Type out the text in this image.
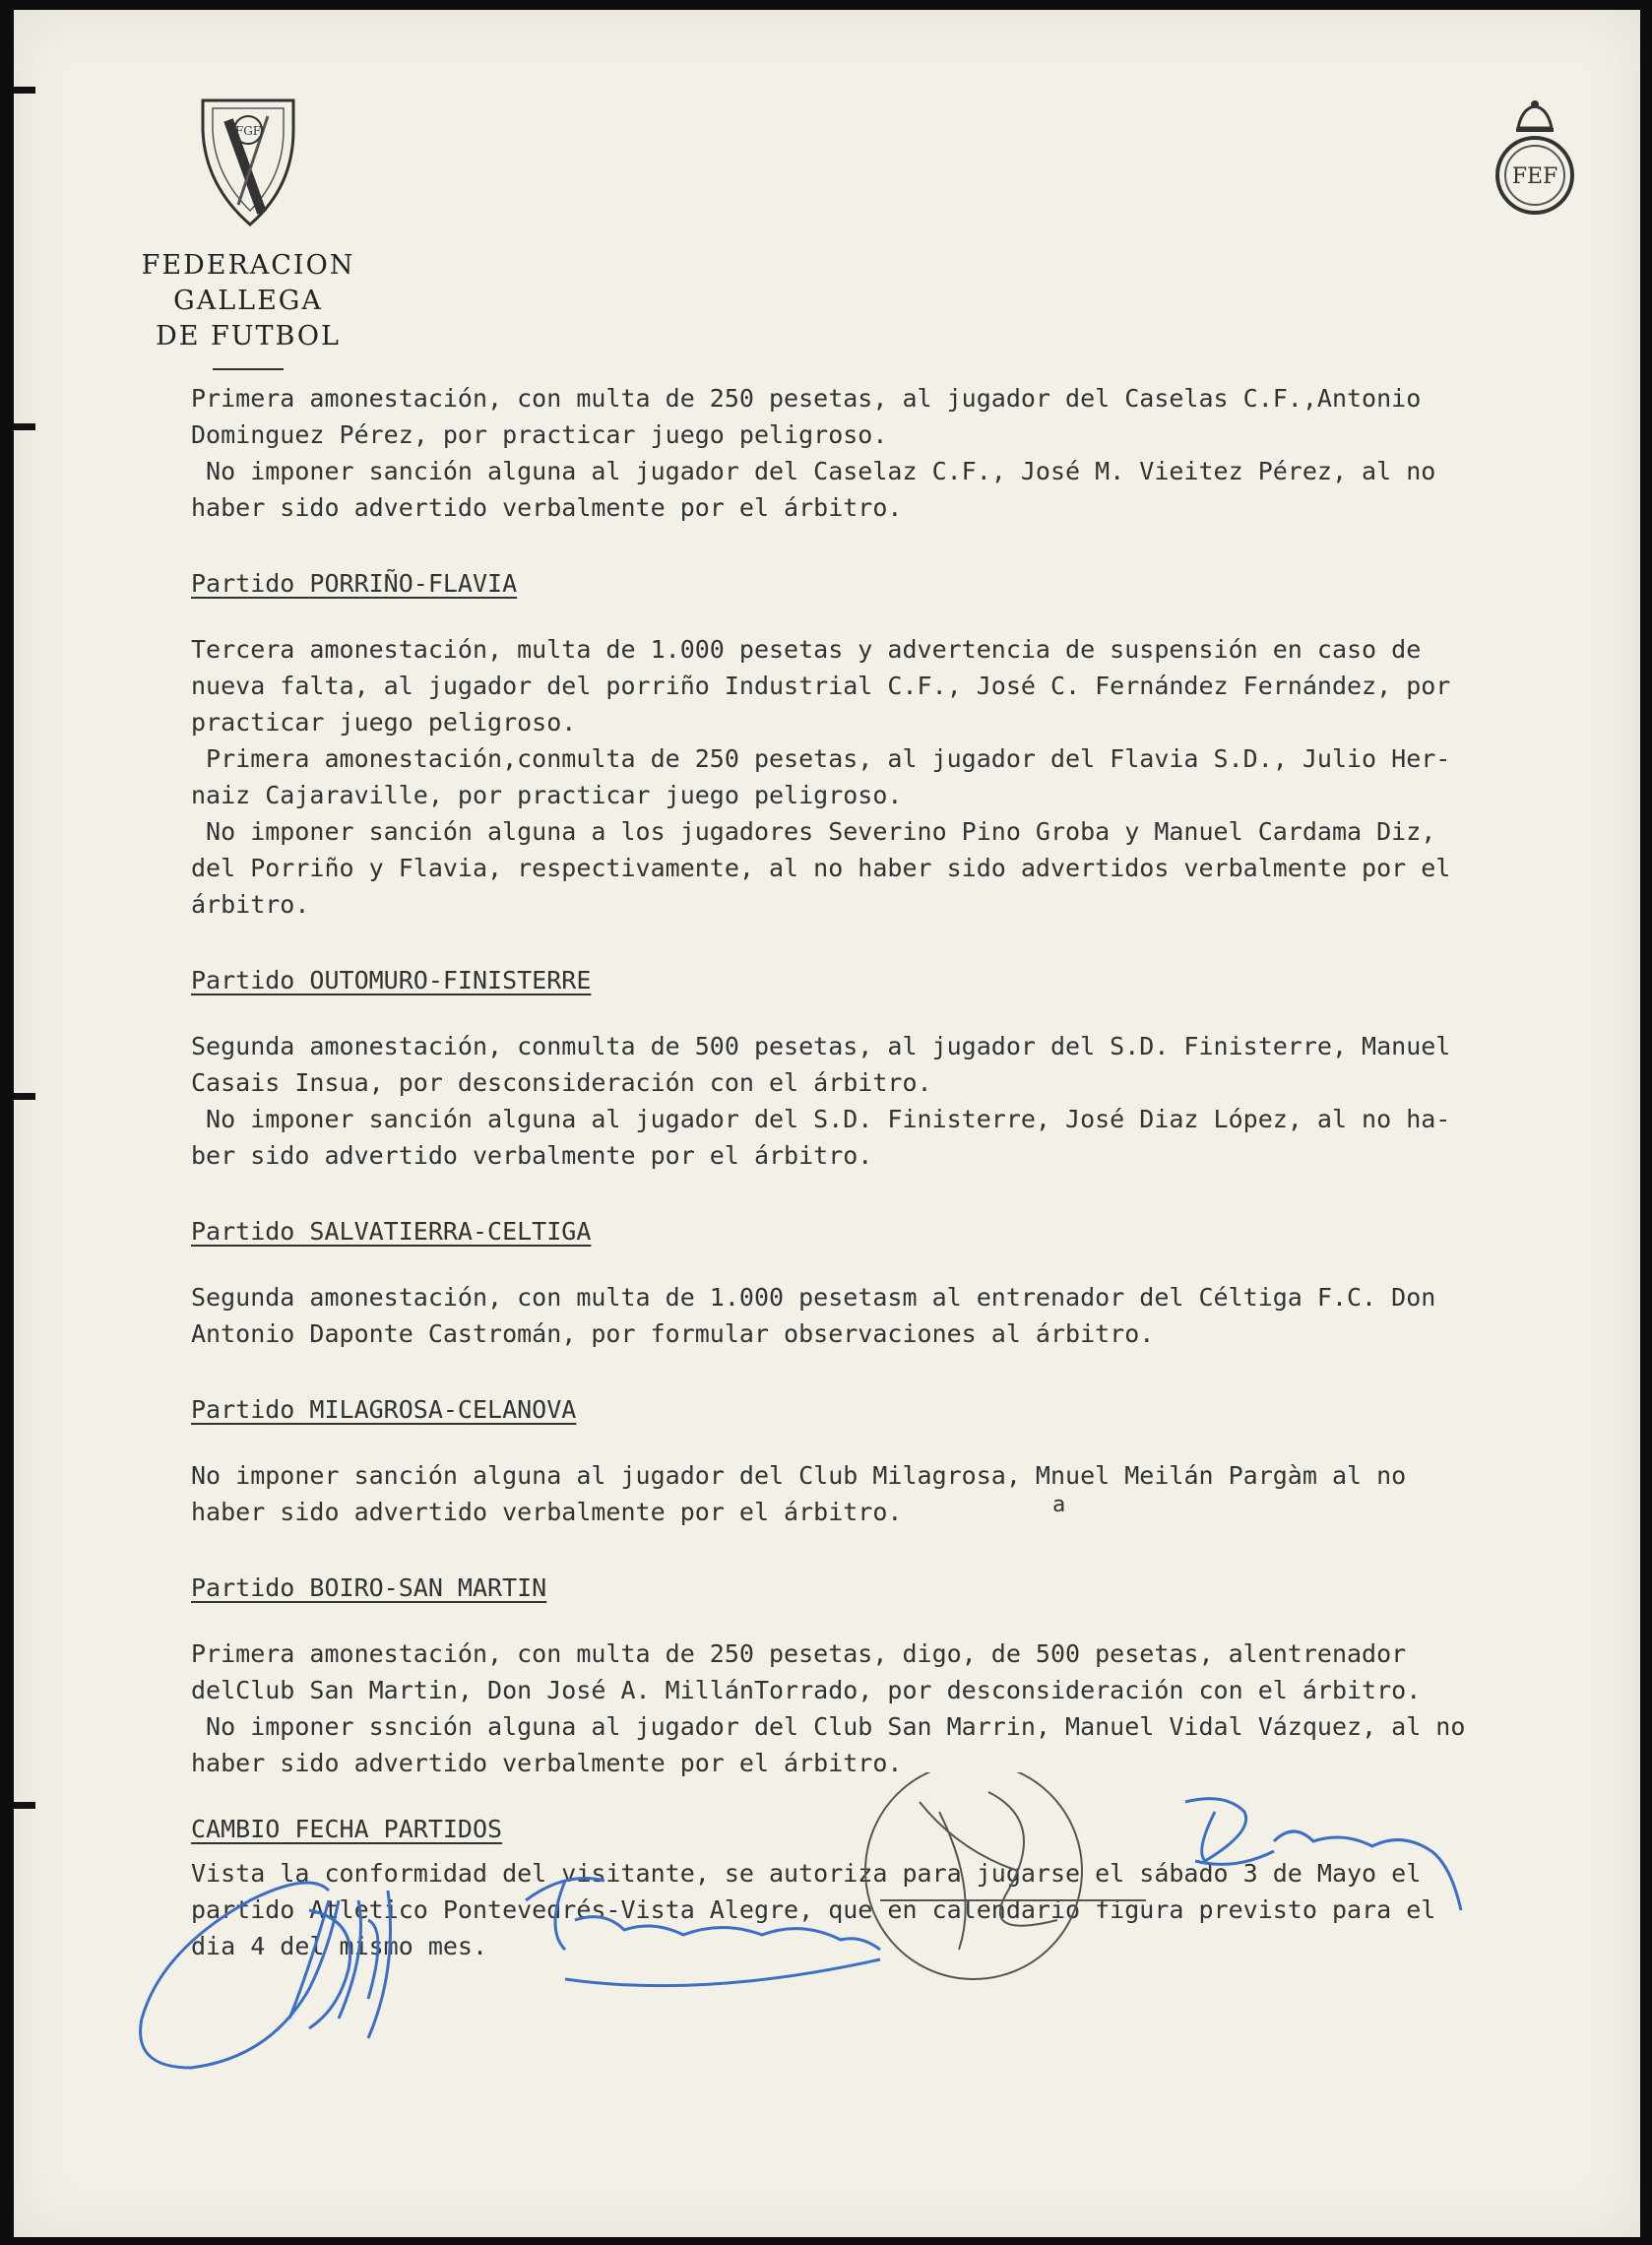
FGF
FEDERACION GALLEGA
DE FUTBOL
FEF

Primera amonestación, con multa de 250 pesetas, al jugador del Caselas C.F.,Antonio

Dominguez Pérez, por practicar juego peligroso.

No imponer sanción alguna al jugador del Caselaz C.F., José M. Vieitez Pérez, al no

haber sido advertido verbalmente por el árbitro.

Partido PORRIÑO-FLAVIA

Tercera amonestación, multa de 1.000 pesetas y advertencia de suspensión en caso de

nueva falta, al jugador del porriño Industrial C.F., José C. Fernández Fernández, por

practicar juego peligroso.

Primera amonestación,conmulta de 250 pesetas, al jugador del Flavia S.D., Julio Her-

naiz Cajaraville, por practicar juego peligroso.

No imponer sanción alguna a los jugadores Severino Pino Groba y Manuel Cardama Diz,

del Porriño y Flavia, respectivamente, al no haber sido advertidos verbalmente por el

árbitro.

Partido OUTOMURO-FINISTERRE

Segunda amonestación, conmulta de 500 pesetas, al jugador del S.D. Finisterre, Manuel

Casais Insua, por desconsideración con el árbitro.

No imponer sanción alguna al jugador del S.D. Finisterre, José Diaz López, al no ha-

ber sido advertido verbalmente por el árbitro.

Partido SALVATIERRA-CELTIGA

Segunda amonestación, con multa de 1.000 pesetasm al entrenador del Céltiga F.C. Don

Antonio Daponte Castromán, por formular observaciones al árbitro.

Partido MILAGROSA-CELANOVA

No imponer sanción alguna al jugador del Club Milagrosa, M
a
nuel Meilán Pargàm al no

haber sido advertido verbalmente por el árbitro.

Partido BOIRO-SAN MARTIN

Primera amonestación, con multa de 250 pesetas, digo, de 500 pesetas, alentrenador

delClub San Martin, Don José A. MillánTorrado, por desconsideración con el árbitro.

No imponer ssnción alguna al jugador del Club San Marrin, Manuel Vidal Vázquez, al no

haber sido advertido verbalmente por el árbitro.

CAMBIO FECHA PARTIDOS

Vista la conformidad del visitante, se autoriza para jugarse el sábado 3 de Mayo el

partido Atletico Pontevedrés-Vista Alegre, que en calendario figura previsto para el

dia 4 del mismo mes.
